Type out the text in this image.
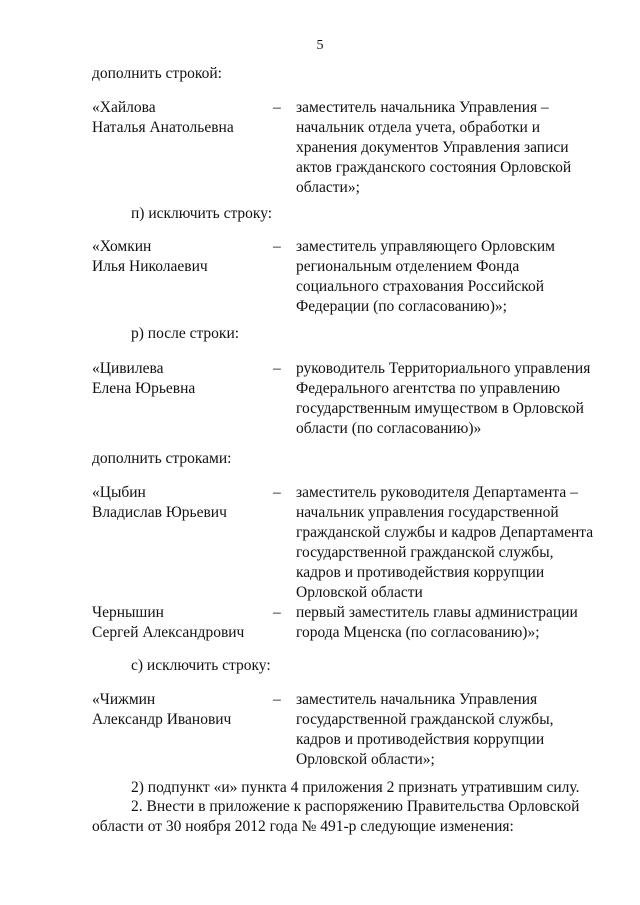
5
дополнить строкой:
«Хайлова
Наталья Анатольевна
– заместитель начальника Управления –
начальник отдела учета, обработки и
хранения документов Управления записи
актов гражданского состояния Орловской
области»;
п) исключить строку:
«Хомкин
Илья Николаевич
– заместитель управляющего Орловским
региональным отделением Фонда
социального страхования Российской
Федерации (по согласованию)»;
р) после строки:
«Цивилева
Елена Юрьевна
– руководитель Территориального управления
Федерального агентства по управлению
государственным имуществом в Орловской
области (по согласованию)»
дополнить строками:
«Цыбин
Владислав Юрьевич
– заместитель руководителя Департамента –
начальник управления государственной
гражданской службы и кадров Департамента
государственной гражданской службы,
кадров и противодействия коррупции
Орловской области
Чернышин
Сергей Александрович
– первый заместитель главы администрации
города Мценска (по согласованию)»;
с) исключить строку:
«Чижмин
Александр Иванович
– заместитель начальника Управления
государственной гражданской службы,
кадров и противодействия коррупции
Орловской области»;
2) подпункт «и» пункта 4 приложения 2 признать утратившим силу.
2. Внести в приложение к распоряжению Правительства Орловской
области от 30 ноября 2012 года № 491-р следующие изменения:
